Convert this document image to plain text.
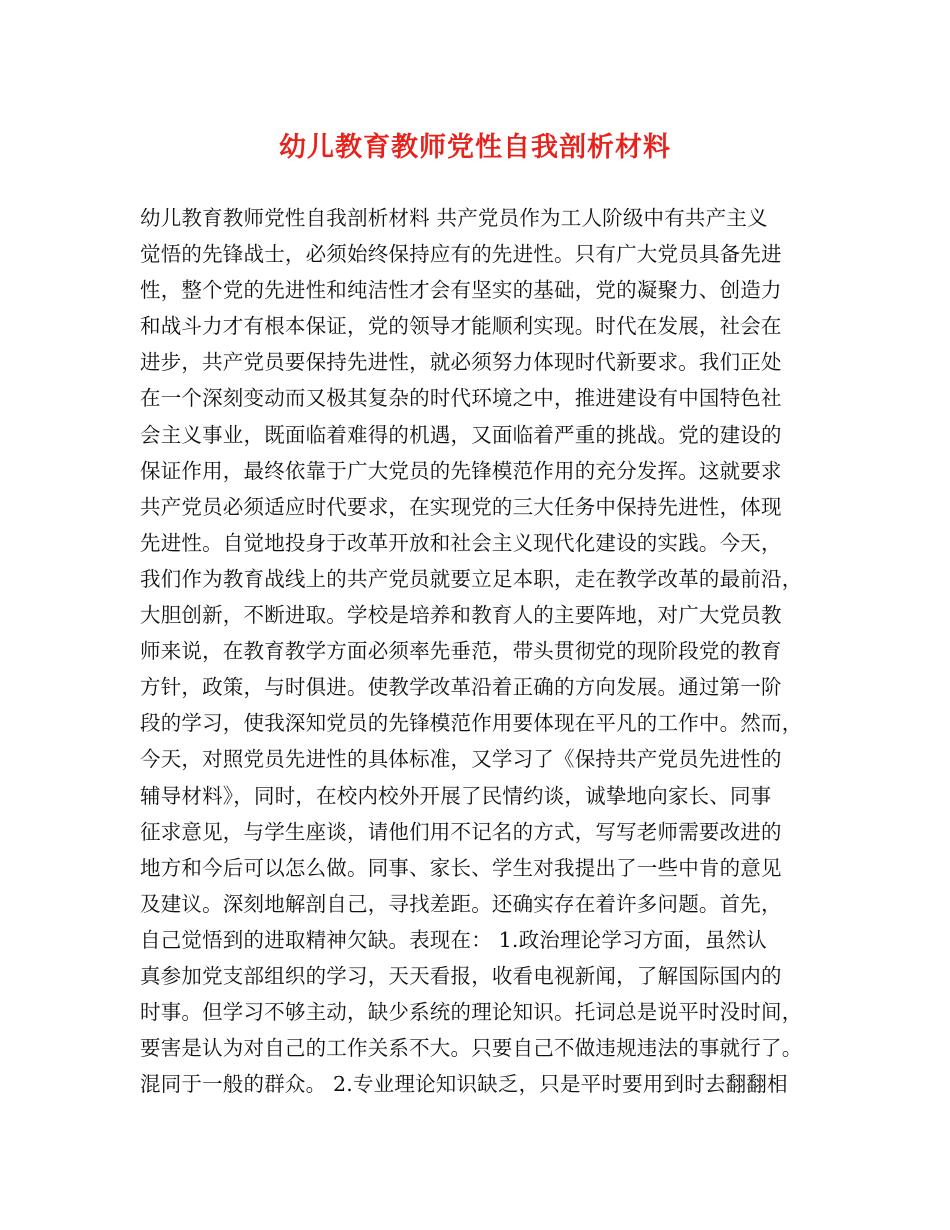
幼儿教育教师党性自我剖析材料
幼儿教育教师党性自我剖析材料 共产党员作为工人阶级中有共产主义
觉悟的先锋战士，必须始终保持应有的先进性。只有广大党员具备先进
性，整个党的先进性和纯洁性才会有坚实的基础，党的凝聚力、创造力
和战斗力才有根本保证，党的领导才能顺利实现。时代在发展，社会在
进步，共产党员要保持先进性，就必须努力体现时代新要求。我们正处
在一个深刻变动而又极其复杂的时代环境之中，推进建设有中国特色社
会主义事业，既面临着难得的机遇，又面临着严重的挑战。党的建设的
保证作用，最终依靠于广大党员的先锋模范作用的充分发挥。这就要求
共产党员必须适应时代要求，在实现党的三大任务中保持先进性，体现
先进性。自觉地投身于改革开放和社会主义现代化建设的实践。今天，
我们作为教育战线上的共产党员就要立足本职，走在教学改革的最前沿，
大胆创新，不断进取。学校是培养和教育人的主要阵地，对广大党员教
师来说，在教育教学方面必须率先垂范，带头贯彻党的现阶段党的教育
方针，政策，与时俱进。使教学改革沿着正确的方向发展。通过第一阶
段的学习，使我深知党员的先锋模范作用要体现在平凡的工作中。然而，
今天，对照党员先进性的具体标准，又学习了《保持共产党员先进性的
辅导材料》，同时，在校内校外开展了民情约谈，诚挚地向家长、同事
征求意见，与学生座谈，请他们用不记名的方式，写写老师需要改进的
地方和今后可以怎么做。同事、家长、学生对我提出了一些中肯的意见
及建议。深刻地解剖自己，寻找差距。还确实存在着许多问题。首先，
自己觉悟到的进取精神欠缺。表现在： 1.政治理论学习方面，虽然认
真参加党支部组织的学习，天天看报，收看电视新闻，了解国际国内的
时事。但学习不够主动，缺少系统的理论知识。托词总是说平时没时间，
要害是认为对自己的工作关系不大。只要自己不做违规违法的事就行了。
混同于一般的群众。 2.专业理论知识缺乏，只是平时要用到时去翻翻相
